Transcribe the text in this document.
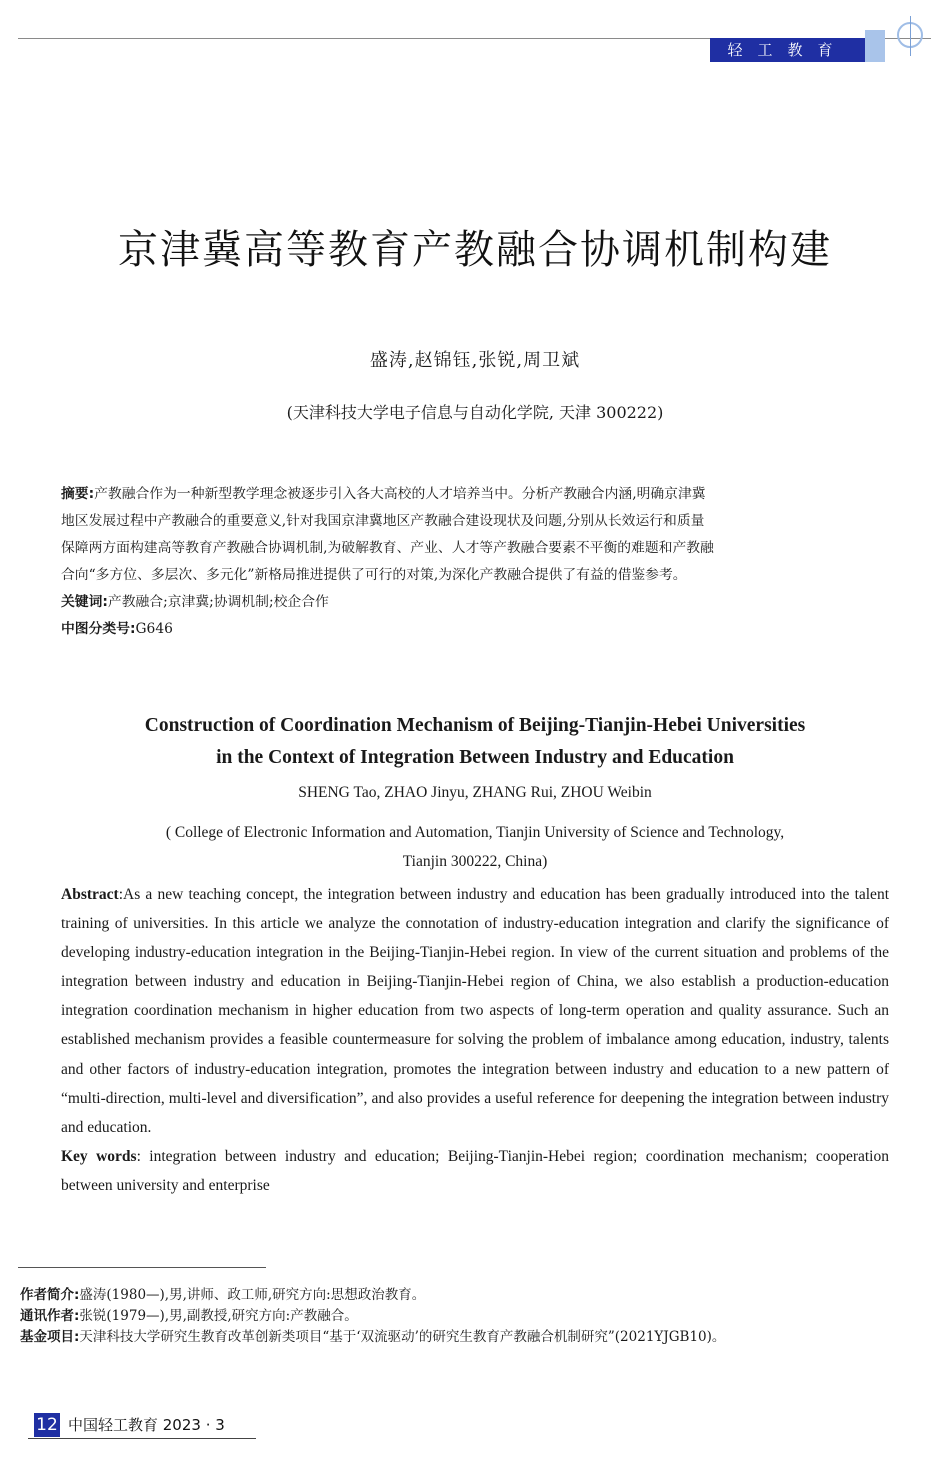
轻工教育
京津冀高等教育产教融合协调机制构建
盛涛,赵锦钰,张锐,周卫斌
(天津科技大学电子信息与自动化学院, 天津 300222)
摘要:产教融合作为一种新型教学理念被逐步引入各大高校的人才培养当中。分析产教融合内涵,明确京津冀
地区发展过程中产教融合的重要意义,针对我国京津冀地区产教融合建设现状及问题,分别从长效运行和质量
保障两方面构建高等教育产教融合协调机制,为破解教育、产业、人才等产教融合要素不平衡的难题和产教融
合向“多方位、多层次、多元化”新格局推进提供了可行的对策,为深化产教融合提供了有益的借鉴参考。
关键词:产教融合;京津冀;协调机制;校企合作
中图分类号:G646
Construction of Coordination Mechanism of Beijing-Tianjin-Hebei Universities
in the Context of Integration Between Industry and Education
SHENG Tao, ZHAO Jinyu, ZHANG Rui, ZHOU Weibin
( College of Electronic Information and Automation, Tianjin University of Science and Technology,
Tianjin 300222, China)
Abstract:As a new teaching concept, the integration between industry and education has been gradually introduced into the talent training of universities. In this article we analyze the connotation of industry-education integration and clarify the significance of developing industry-education integration in the Beijing-Tianjin-Hebei region. In view of the current situation and problems of the integration between industry and education in Beijing-Tianjin-Hebei region of China, we also establish a production-education integration coordination mechanism in higher education from two aspects of long-term operation and quality assurance. Such an established mechanism provides a feasible countermeasure for solving the problem of imbalance among education, industry, talents and other factors of industry-education integration, promotes the integration between industry and education to a new pattern of “multi-direction, multi-level and diversification”, and also provides a useful reference for deepening the integration between industry and education.
Key words: integration between industry and education; Beijing-Tianjin-Hebei region; coordination mechanism; cooperation between university and enterprise
作者简介:盛涛(1980—),男,讲师、政工师,研究方向:思想政治教育。
通讯作者:张锐(1979—),男,副教授,研究方向:产教融合。
基金项目:天津科技大学研究生教育改革创新类项目“基于‘双流驱动’的研究生教育产教融合机制研究”(2021YJGB10)。
12 中国轻工教育 2023 · 3
